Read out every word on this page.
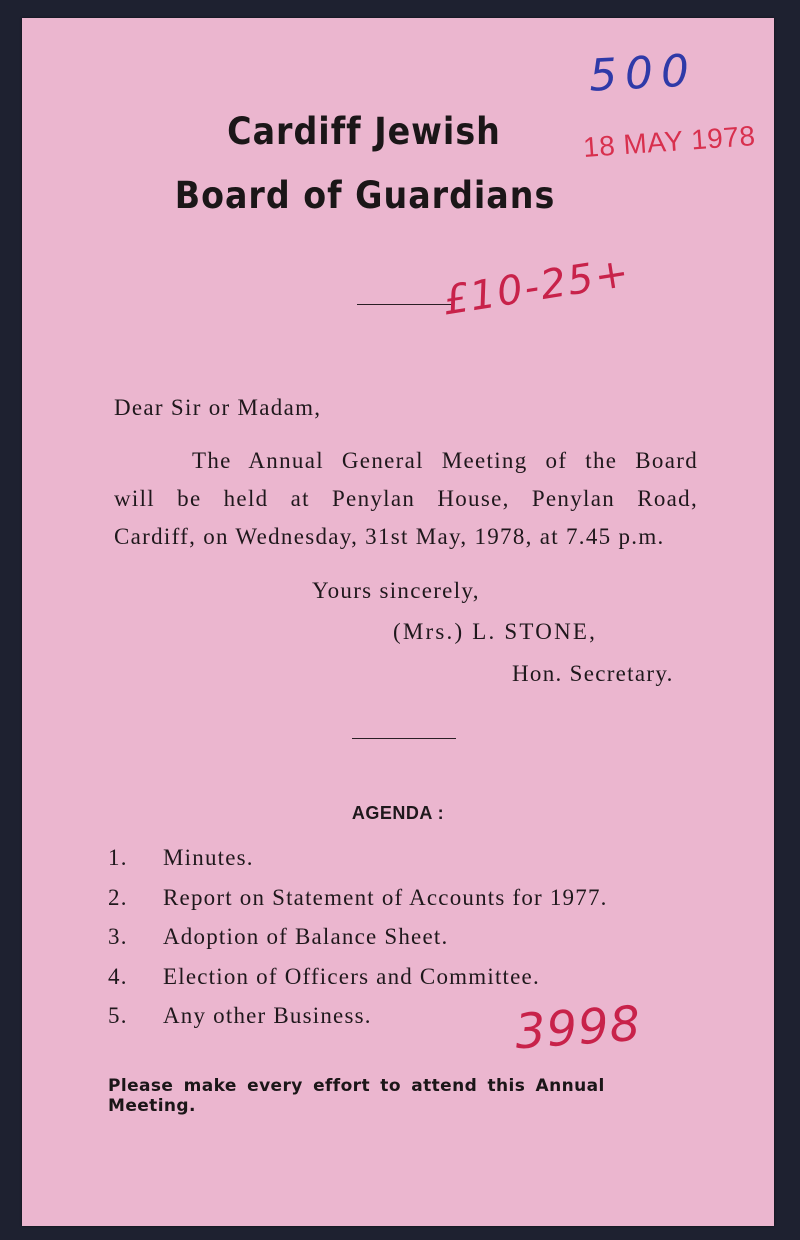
500
18 MAY 1978
Cardiff Jewish
Board of Guardians
£10-25+

Dear Sir or Madam,

The Annual General Meeting of the Board
will be held at Penylan House, Penylan Road,
Cardiff, on Wednesday, 31st May, 1978, at 7.45 p.m.

Yours sincerely,

(Mrs.) L. STONE,

Hon. Secretary.

AGENDA :
1.	Minutes.
2.	Report on Statement of Accounts for 1977.
3.	Adoption of Balance Sheet.
4.	Election of Officers and Committee.
5.	Any other Business.	3998

Please make every effort to attend this Annual Meeting.
